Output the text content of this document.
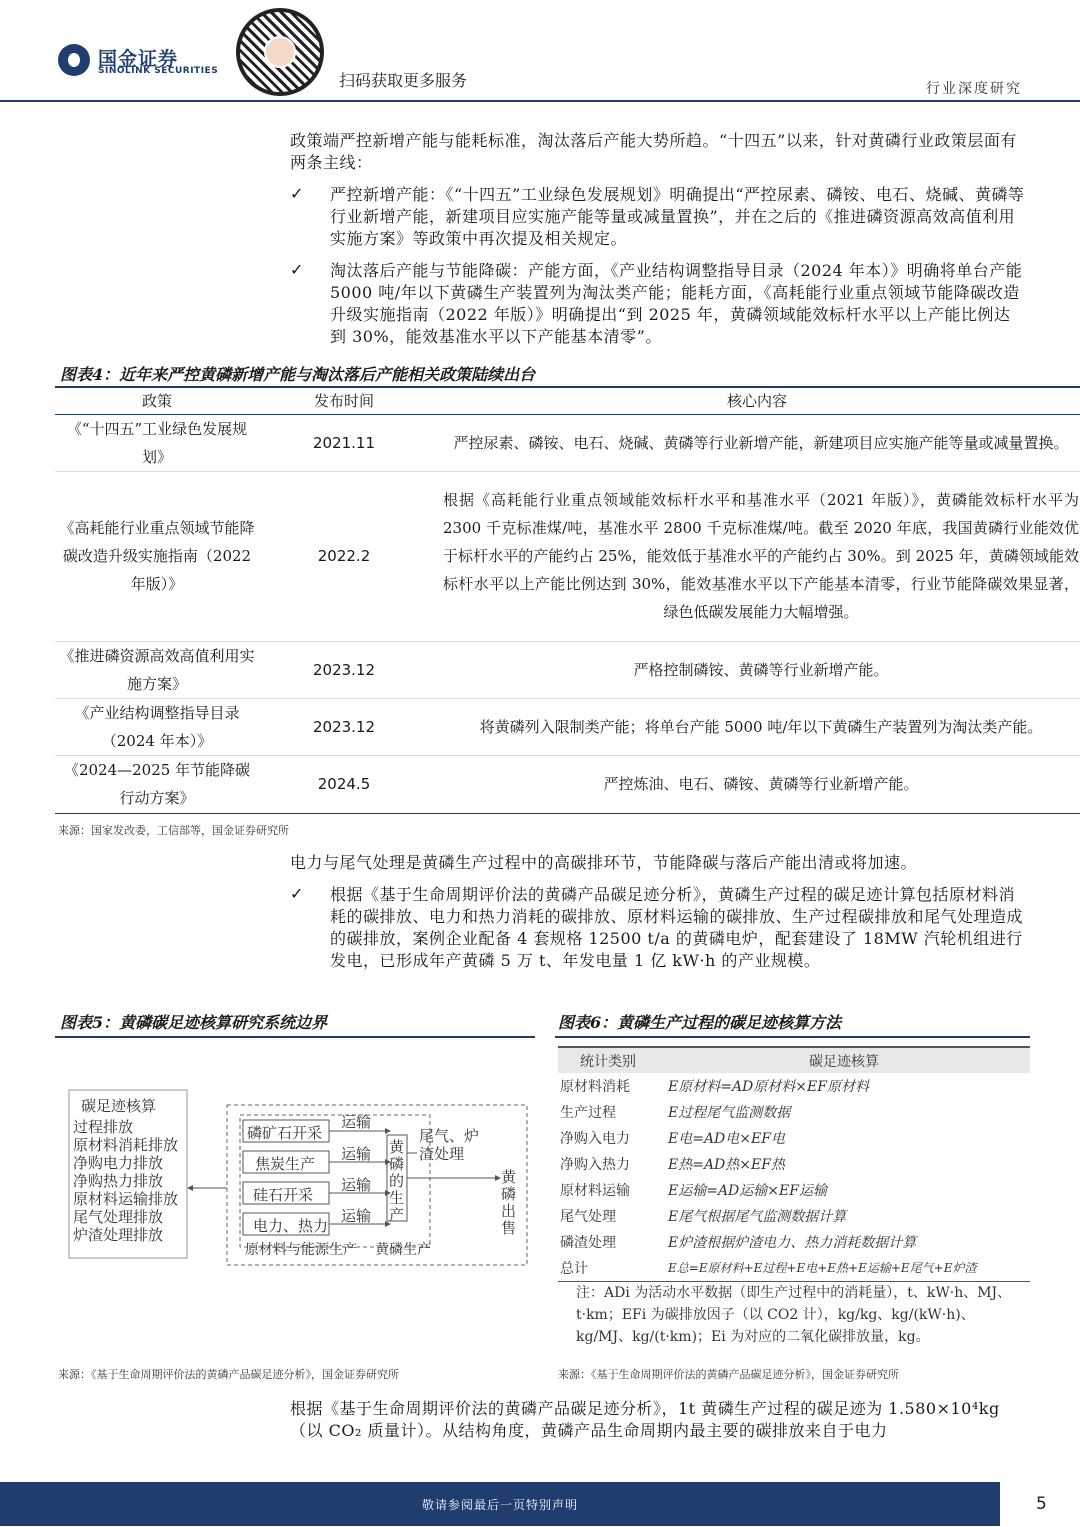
国金证券
SINOLINK SECURITIES	扫码获取更多服务	行业深度研究
政策端严控新增产能与能耗标准，淘汰落后产能大势所趋。“十四五”以来，针对黄磷行业政策层面有两条主线：
✓ 严控新增产能：《“十四五”工业绿色发展规划》明确提出“严控尿素、磷铵、电石、烧碱、黄磷等行业新增产能，新建项目应实施产能等量或减量置换”，并在之后的《推进磷资源高效高值利用实施方案》等政策中再次提及相关规定。
✓ 淘汰落后产能与节能降碳：产能方面，《产业结构调整指导目录（2024 年本）》明确将单台产能 5000 吨/年以下黄磷生产装置列为淘汰类产能；能耗方面，《高耗能行业重点领域节能降碳改造升级实施指南（2022 年版）》明确提出“到 2025 年，黄磷领域能效标杆水平以上产能比例达到 30%，能效基准水平以下产能基本清零”。
图表4：近年来严控黄磷新增产能与淘汰落后产能相关政策陆续出台
政策	发布时间	核心内容
《“十四五”工业绿色发展规划》	2021.11	严控尿素、磷铵、电石、烧碱、黄磷等行业新增产能，新建项目应实施产能等量或减量置换。
《高耗能行业重点领域节能降碳改造升级实施指南（2022 年版）》	2022.2	根据《高耗能行业重点领域能效标杆水平和基准水平（2021 年版）》，黄磷能效标杆水平为 2300 千克标准煤/吨，基准水平 2800 千克标准煤/吨。截至 2020 年底，我国黄磷行业能效优于标杆水平的产能约占 25%，能效低于基准水平的产能约占 30%。到 2025 年，黄磷领域能效标杆水平以上产能比例达到 30%，能效基准水平以下产能基本清零，行业节能降碳效果显著，绿色低碳发展能力大幅增强。
《推进磷资源高效高值利用实施方案》	2023.12	严格控制磷铵、黄磷等行业新增产能。
《产业结构调整指导目录（2024 年本）》	2023.12	将黄磷列入限制类产能；将单台产能 5000 吨/年以下黄磷生产装置列为淘汰类产能。
《2024—2025 年节能降碳行动方案》	2024.5	严控炼油、电石、磷铵、黄磷等行业新增产能。
来源：国家发改委，工信部等，国金证券研究所
电力与尾气处理是黄磷生产过程中的高碳排环节，节能降碳与落后产能出清或将加速。
✓ 根据《基于生命周期评价法的黄磷产品碳足迹分析》，黄磷生产过程的碳足迹计算包括原材料消耗的碳排放、电力和热力消耗的碳排放、原材料运输的碳排放、生产过程碳排放和尾气处理造成的碳排放，案例企业配备 4 套规格 12500 t/a 的黄磷电炉，配套建设了 18MW 汽轮机组进行发电，已形成年产黄磷 5 万 t、年发电量 1 亿 kW·h 的产业规模。
图表5：黄磷碳足迹核算研究系统边界
碳足迹核算
过程排放
原材料消耗排放
净购电力排放
净购热力排放
原材料运输排放
尾气处理排放
炉渣处理排放
磷矿石开采
焦炭生产
硅石开采
电力、热力
运输
运输
运输
运输
黄磷的生产
尾气、炉渣处理
黄磷出售
原材料与能源生产 黄磷生产
来源：《基于生命周期评价法的黄磷产品碳足迹分析》，国金证券研究所
图表6：黄磷生产过程的碳足迹核算方法
统计类别	碳足迹核算
原材料消耗	E原材料=AD原材料×EF原材料
生产过程	E过程尾气监测数据
净购入电力	E电=AD电×EF电
净购入热力	E热=AD热×EF热
原材料运输	E运输=AD运输×EF运输
尾气处理	E尾气根据尾气监测数据计算
磷渣处理	E炉渣根据炉渣电力、热力消耗数据计算
总计	E总=E原材料+E过程+E电+E热+E运输+E尾气+E炉渣
注：ADi 为活动水平数据（即生产过程中的消耗量），t、kW·h、MJ、t·km；EFi 为碳排放因子（以 CO2 计），kg/kg、kg/(kW·h)、kg/MJ、kg/(t·km)；Ei 为对应的二氧化碳排放量，kg。
来源：《基于生命周期评价法的黄磷产品碳足迹分析》，国金证券研究所
根据《基于生命周期评价法的黄磷产品碳足迹分析》，1t 黄磷生产过程的碳足迹为 1.580×10⁴kg（以 CO₂ 质量计）。从结构角度，黄磷产品生命周期内最主要的碳排放来自于电力
敬请参阅最后一页特别声明	5
